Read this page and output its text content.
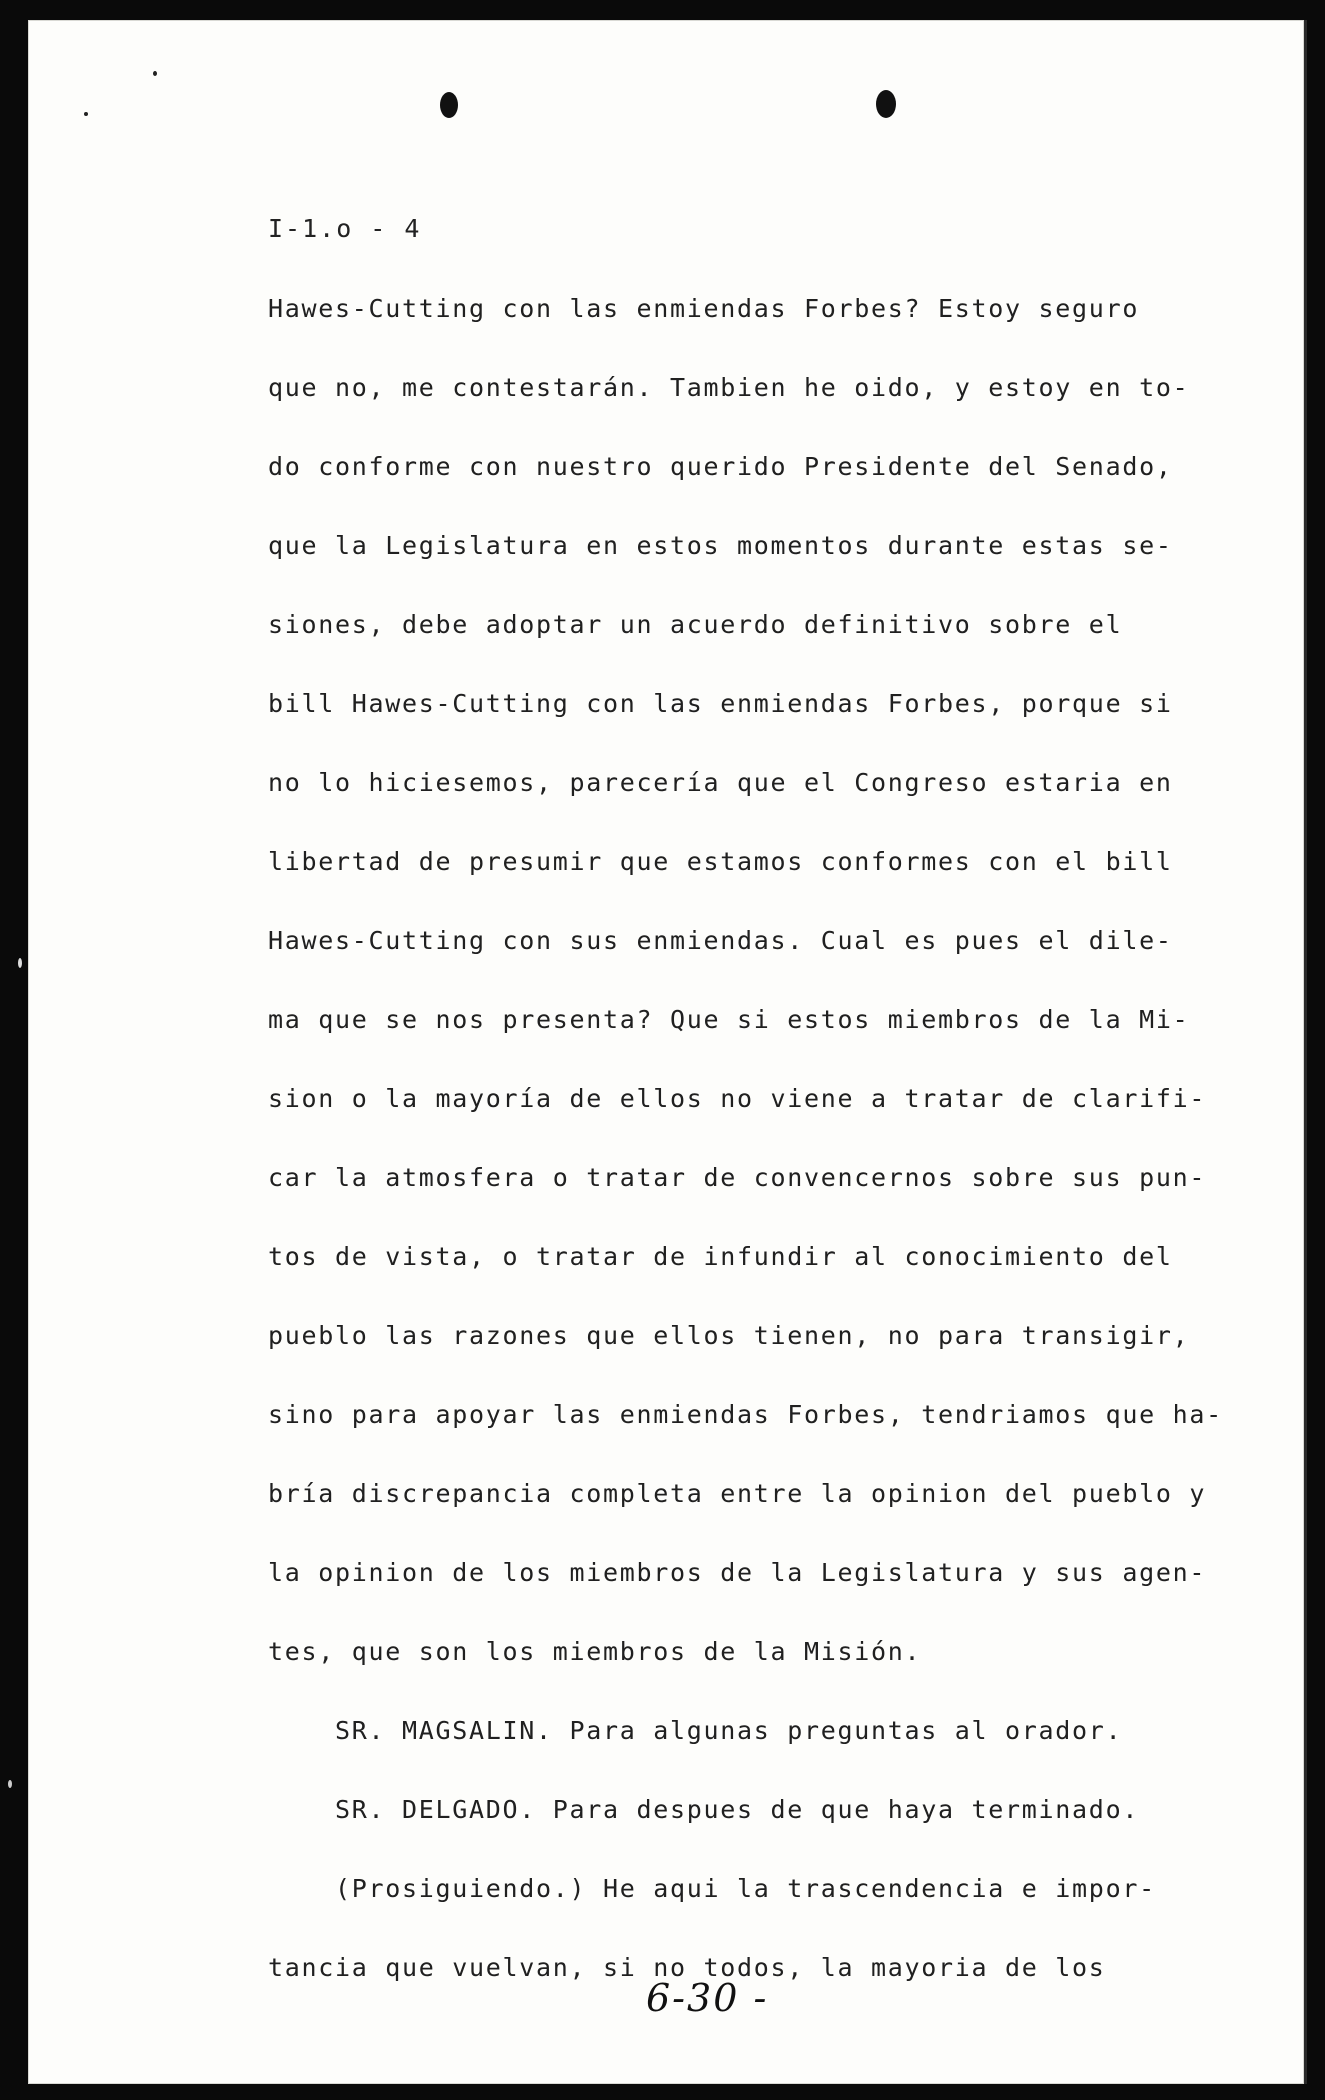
I-1.o - 4
Hawes-Cutting con las enmiendas Forbes? Estoy seguro
que no, me contestarán. Tambien he oido, y estoy en to-
do conforme con nuestro querido Presidente del Senado,
que la Legislatura en estos momentos durante estas se-
siones, debe adoptar un acuerdo definitivo sobre el
bill Hawes-Cutting con las enmiendas Forbes, porque si
no lo hiciesemos, parecería que el Congreso estaria en
libertad de presumir que estamos conformes con el bill
Hawes-Cutting con sus enmiendas. Cual es pues el dile-
ma que se nos presenta? Que si estos miembros de la Mi-
sion o la mayoría de ellos no viene a tratar de clarifi-
car la atmosfera o tratar de convencernos sobre sus pun-
tos de vista, o tratar de infundir al conocimiento del
pueblo las razones que ellos tienen, no para transigir,
sino para apoyar las enmiendas Forbes, tendriamos que ha-
bría discrepancia completa entre la opinion del pueblo y
la opinion de los miembros de la Legislatura y sus agen-
tes, que son los miembros de la Misión.
SR. MAGSALIN. Para algunas preguntas al orador.
SR. DELGADO. Para despues de que haya terminado.
(Prosiguiendo.) He aqui la trascendencia e impor-
tancia que vuelvan, si no todos, la mayoria de los
6-30 -
